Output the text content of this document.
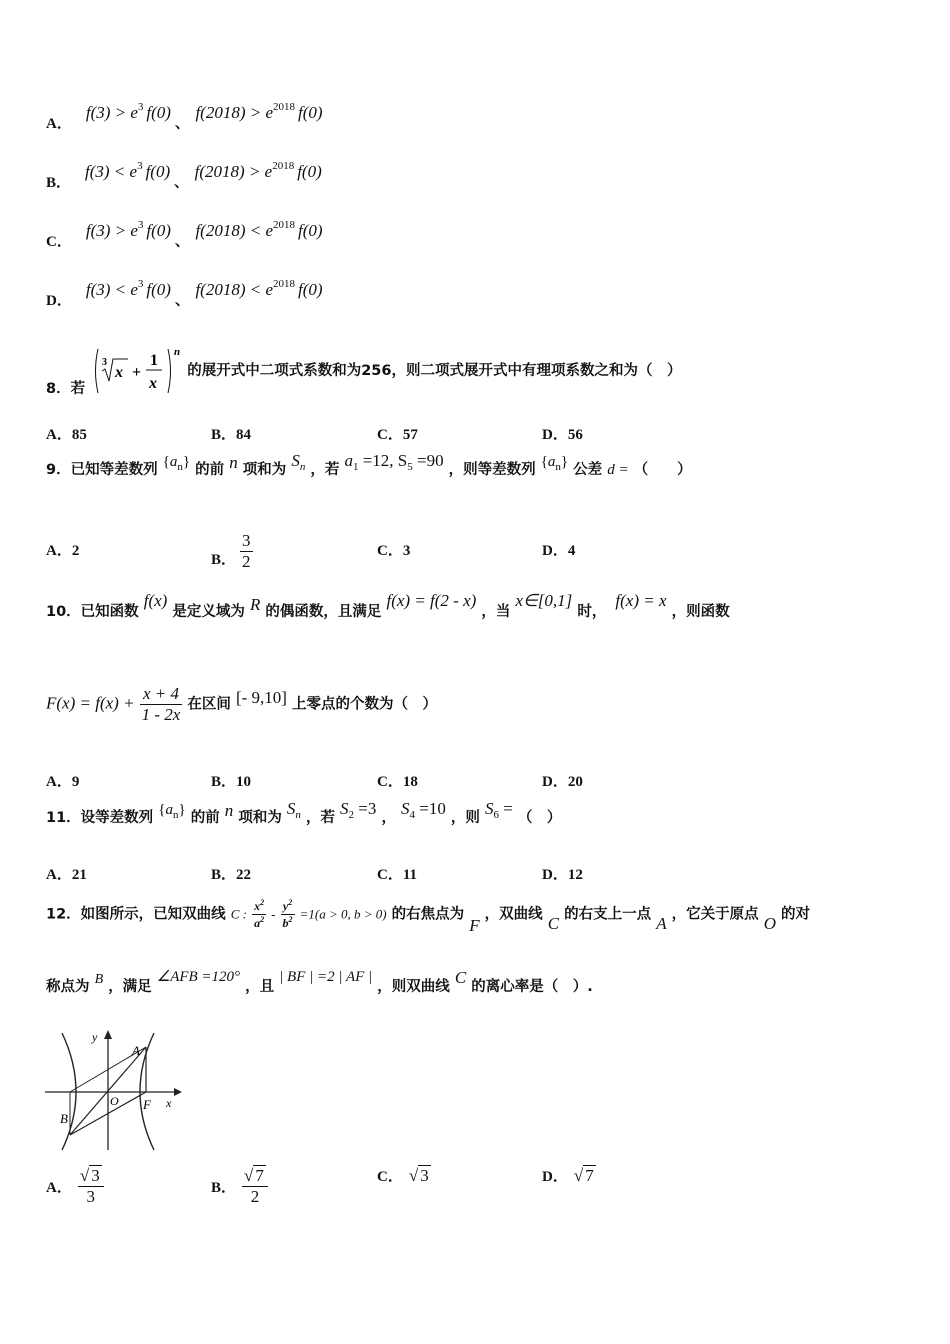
A．$f(3) > e^3$ f(0)、$f(2018) > e^{2018}$ f(0)
B．$f(3) < e^3$ f(0)、$f(2018) > e^{2018}$ f(0)
C．$f(3) > e^3$ f(0)、$f(2018) < e^{2018}$ f(0)
D．$f(3) < e^3$ f(0)、$f(2018) < e^{2018}$ f(0)
8．若
3
x +
1
x
n
的展开式中二项式系数和为256，则二项式展开式中有理项系数之和为（　）
A．85	B．84	C．57	D．56
9．已知等差数列 $\{a_n\}$ 的前 n 项和为 $S_n$ ，若 $a_1 =12$, $S_5 =90$ ，则等差数列 $\{a_n\}$ 公差 d = （　　）
A．2
B． $\frac{3}{2}$	C．3	D．4
10．已知函数 f(x) 是定义域为 R 的偶函数，且满足 f(x) = f(2 - x) ，当 x∈[0,1] 时， f(x) = x ，则函数
$F(x) = f(x) + \frac{x + 4}{1 - 2x}$ 在区间 [- 9,10] 上零点的个数为（　）
A．9	B．10	C．18	D．20
11．设等差数列 $\{a_n\}$ 的前 n 项和为 $S_n$ ，若 $S_2 =3$ ， $S_4 =10$ ，则 $S_6$ = （　）
A．21	B．22	C．11	D．12
12．如图所示，已知双曲线 C : $\frac{x^2}{a^2} - \frac{y^2}{b^2} =1(a > 0$, b > 0) 的右焦点为 F ，双曲线 C 的右支上一点 A ，它关于原点 O 的对
称点为 B ，满足 ∠AFB =120° ，且 | BF | =2 | AF | ，则双曲线 C 的离心率是（　）.
y
A
O F x
B
A． $\frac{√ 3}{3}$	B． $\frac{√ 7}{2}$	C． √ 3	D． √ 7
